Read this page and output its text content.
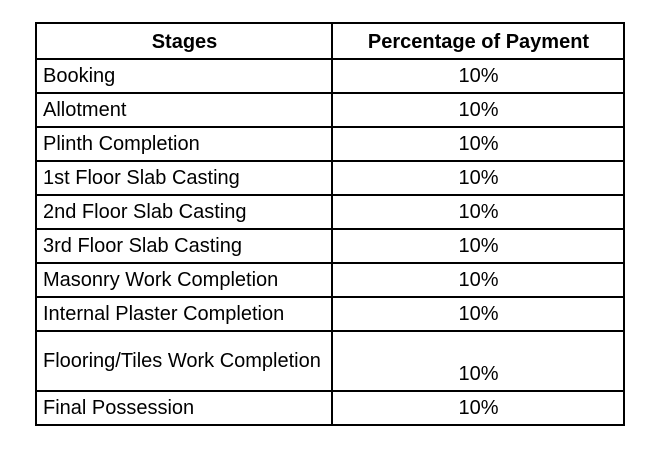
Stages	Percentage of Payment
Booking	10%
Allotment	10%
Plinth Completion	10%
1st Floor Slab Casting	10%
2nd Floor Slab Casting	10%
3rd Floor Slab Casting	10%
Masonry Work Completion	10%
Internal Plaster Completion	10%
Flooring/Tiles Work Completion	10%
Final Possession	10%
